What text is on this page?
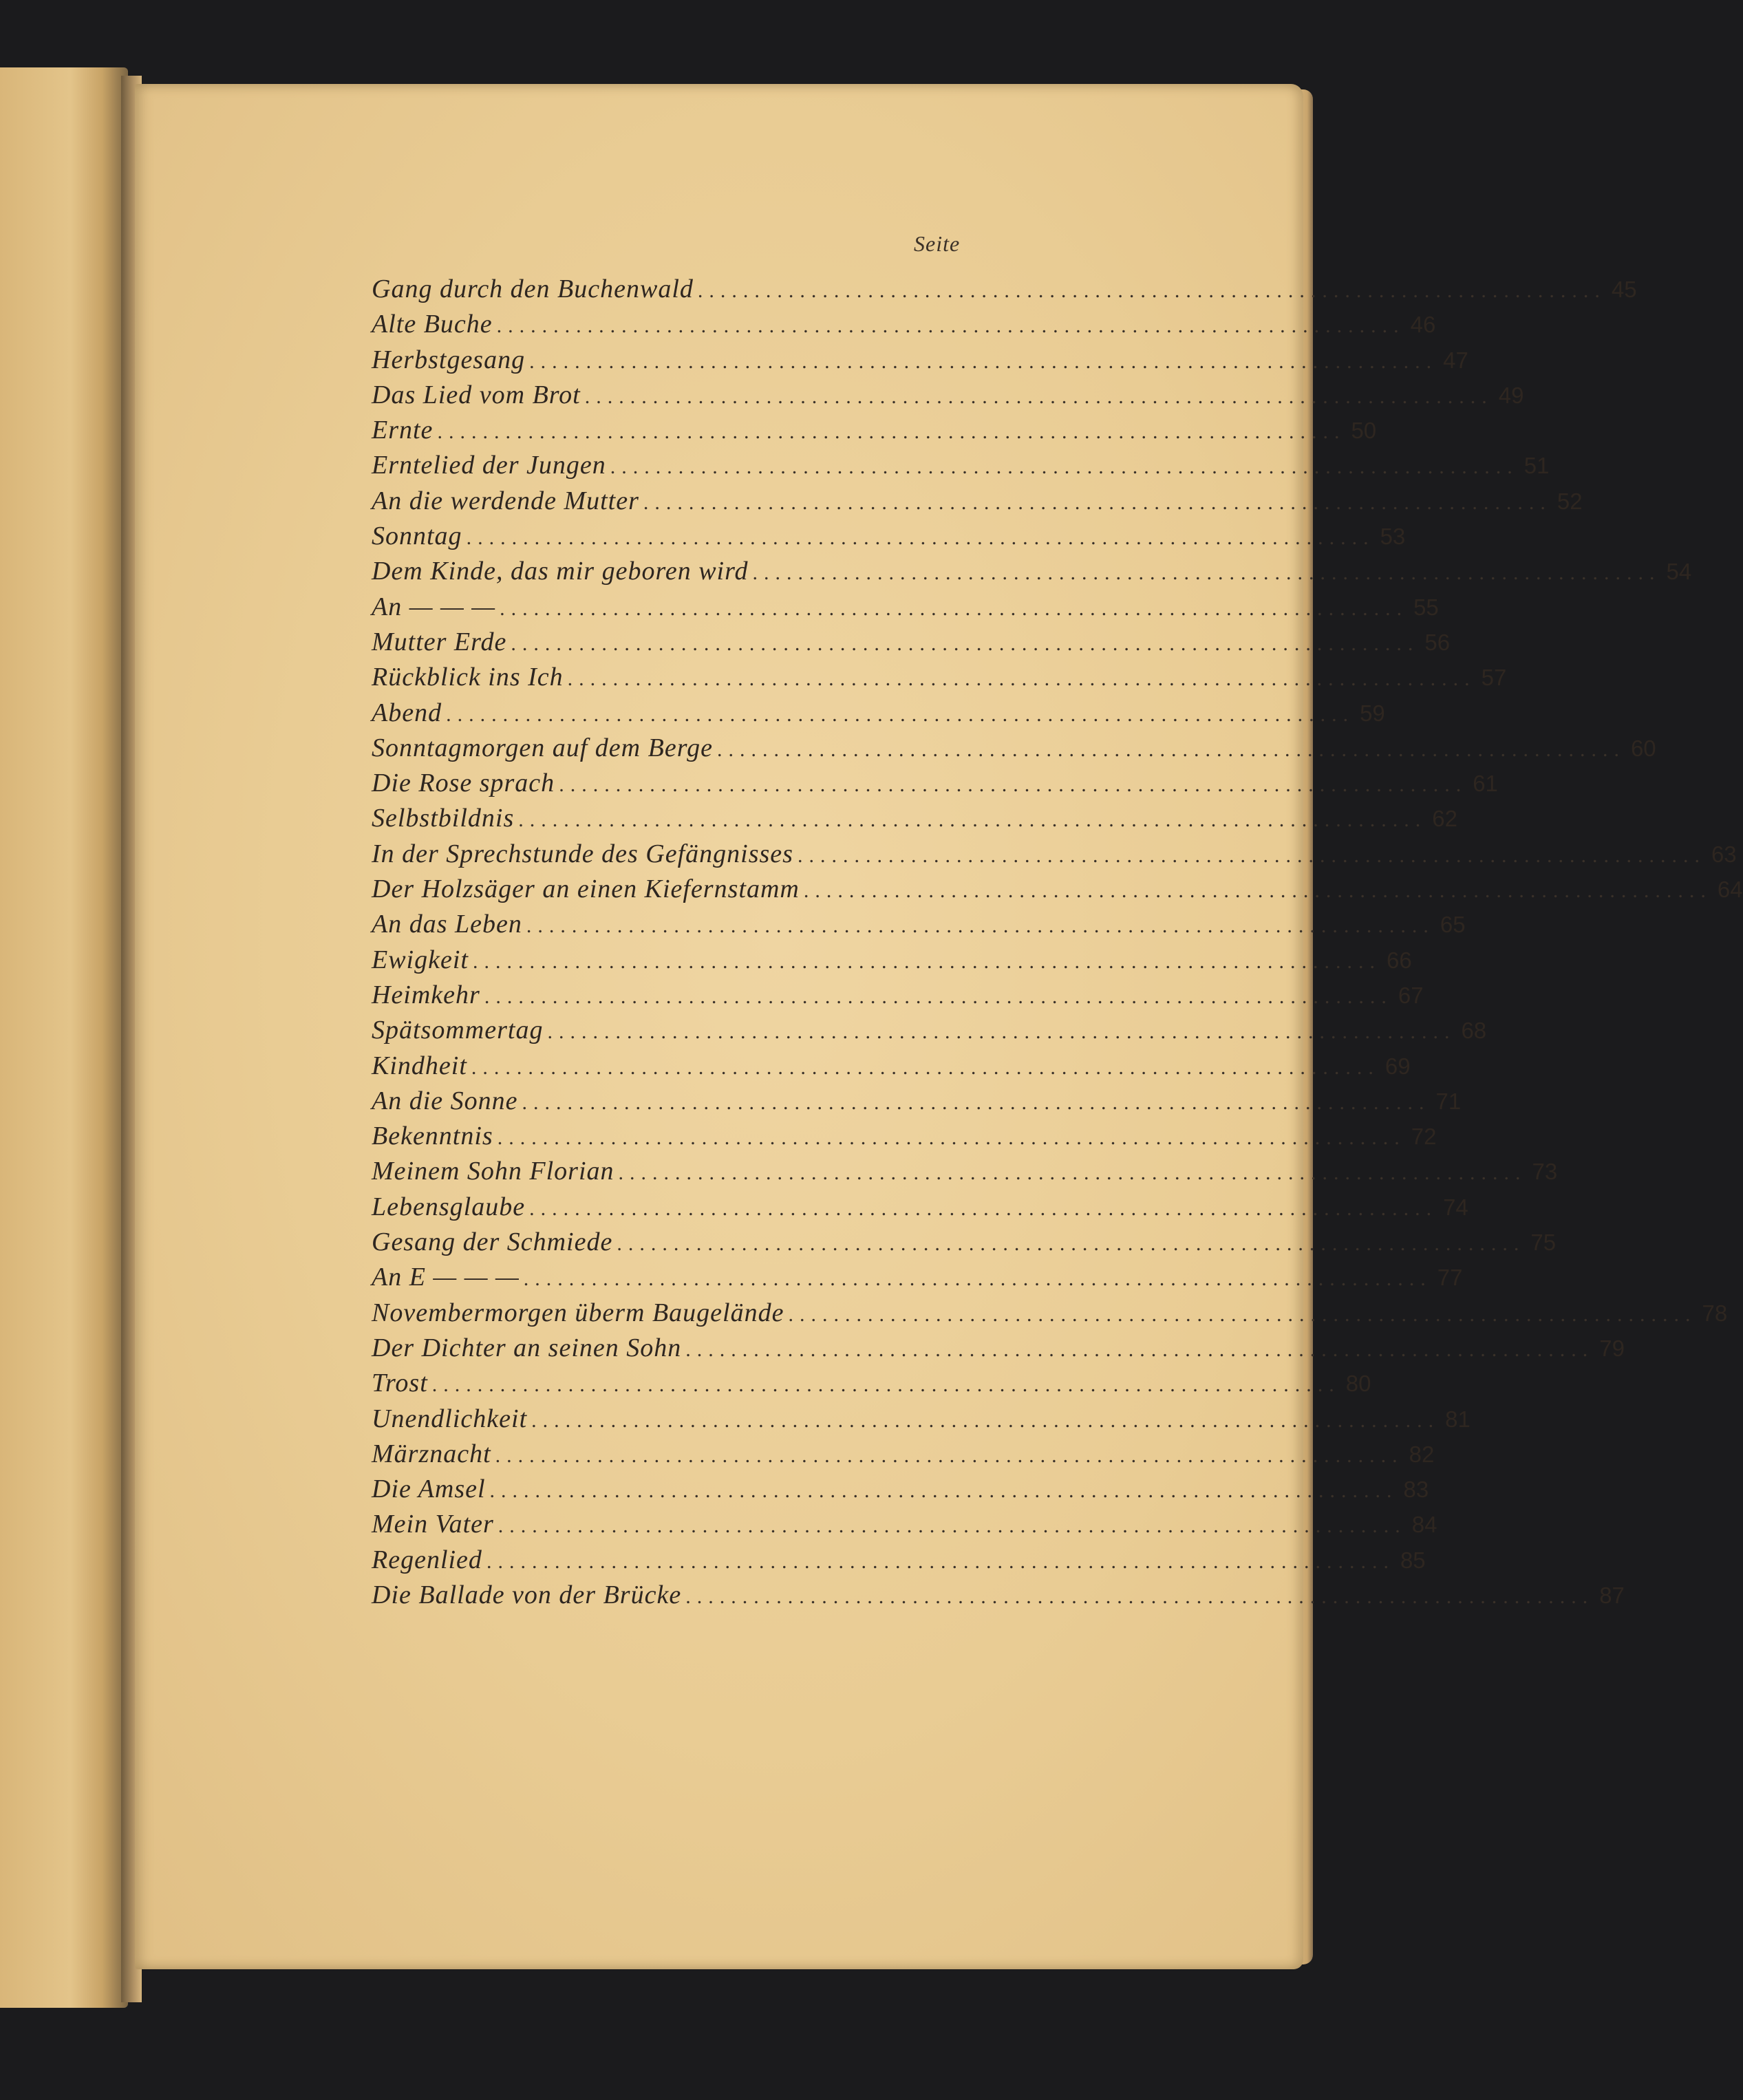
Seite
Gang durch den Buchenwald ................................................................................ 45
Alte Buche ................................................................................ 46
Herbstgesang ................................................................................ 47
Das Lied vom Brot ................................................................................ 49
Ernte ................................................................................ 50
Erntelied der Jungen ................................................................................ 51
An die werdende Mutter ................................................................................ 52
Sonntag ................................................................................ 53
Dem Kinde, das mir geboren wird ................................................................................ 54
An — — — ................................................................................ 55
Mutter Erde ................................................................................ 56
Rückblick ins Ich ................................................................................ 57
Abend ................................................................................ 59
Sonntagmorgen auf dem Berge ................................................................................ 60
Die Rose sprach ................................................................................ 61
Selbstbildnis ................................................................................ 62
In der Sprechstunde des Gefängnisses ................................................................................ 63
Der Holzsäger an einen Kiefernstamm ................................................................................ 64
An das Leben ................................................................................ 65
Ewigkeit ................................................................................ 66
Heimkehr ................................................................................ 67
Spätsommertag ................................................................................ 68
Kindheit ................................................................................ 69
An die Sonne ................................................................................ 71
Bekenntnis ................................................................................ 72
Meinem Sohn Florian ................................................................................ 73
Lebensglaube ................................................................................ 74
Gesang der Schmiede ................................................................................ 75
An E — — — ................................................................................ 77
Novembermorgen überm Baugelände ................................................................................ 78
Der Dichter an seinen Sohn ................................................................................ 79
Trost ................................................................................ 80
Unendlichkeit ................................................................................ 81
Märznacht ................................................................................ 82
Die Amsel ................................................................................ 83
Mein Vater ................................................................................ 84
Regenlied ................................................................................ 85
Die Ballade von der Brücke ................................................................................ 87
